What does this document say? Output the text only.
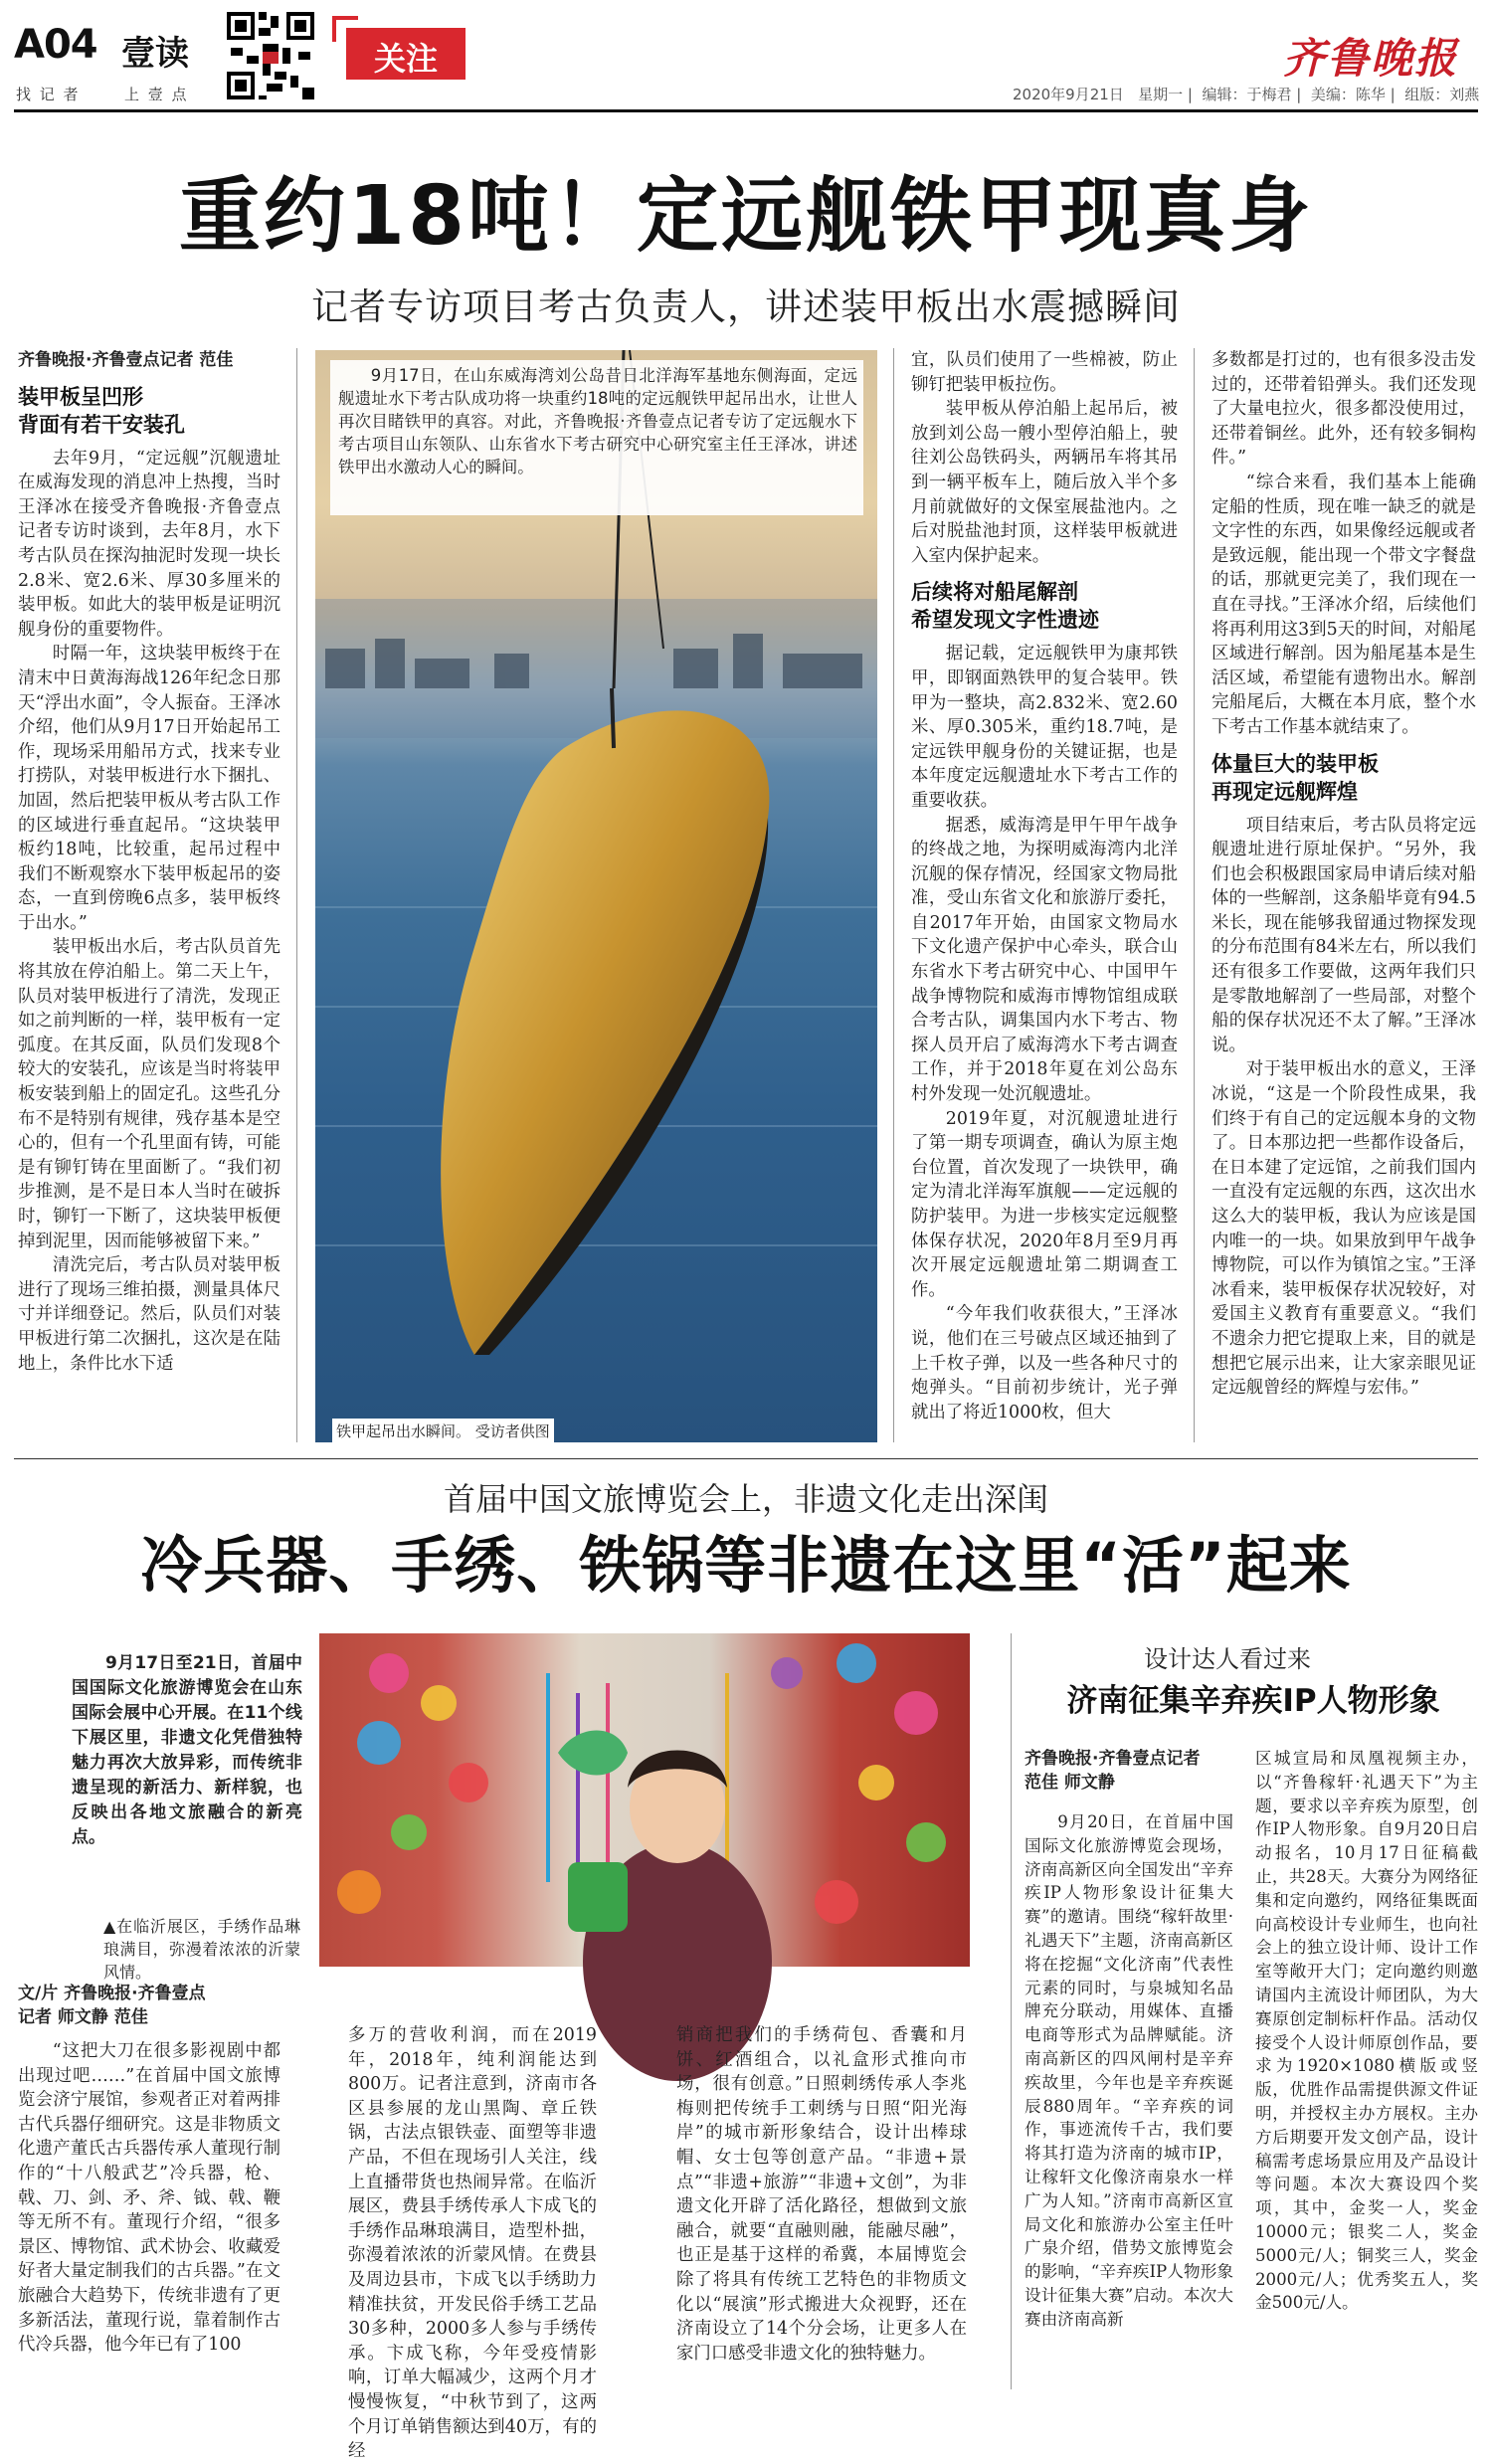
A04 壹读
找 记 者	上 壹 点
关注	齐鲁晚报
2020年9月21日 星期一 |  编辑：于梅君 |  美编：陈华 |  组版：刘燕
重约18吨！定远舰铁甲现真身
记者专访项目考古负责人，讲述装甲板出水震撼瞬间

齐鲁晚报·齐鲁壹点记者 范佳

装甲板呈凹形
背面有若干安装孔

去年9月，“定远舰”沉舰遗址在威海发现的消息冲上热搜，当时王泽冰在接受齐鲁晚报·齐鲁壹点记者专访时谈到，去年8月，水下考古队员在探沟抽泥时发现一块长2.8米、宽2.6米、厚30多厘米的装甲板。如此大的装甲板是证明沉舰身份的重要物件。

时隔一年，这块装甲板终于在清末中日黄海海战126年纪念日那天“浮出水面”，令人振奋。王泽冰介绍，他们从9月17日开始起吊工作，现场采用船吊方式，找来专业打捞队，对装甲板进行水下捆扎、加固，然后把装甲板从考古队工作的区域进行垂直起吊。“这块装甲板约18吨，比较重，起吊过程中我们不断观察水下装甲板起吊的姿态，一直到傍晚6点多，装甲板终于出水。”

装甲板出水后，考古队员首先将其放在停泊船上。第二天上午，队员对装甲板进行了清洗，发现正如之前判断的一样，装甲板有一定弧度。在其反面，队员们发现8个较大的安装孔，应该是当时将装甲板安装到船上的固定孔。这些孔分布不是特别有规律，残存基本是空心的，但有一个孔里面有铸，可能是有铆钉铸在里面断了。“我们初步推测，是不是日本人当时在破拆时，铆钉一下断了，这块装甲板便掉到泥里，因而能够被留下来。”

清洗完后，考古队员对装甲板进行了现场三维拍摄，测量具体尺寸并详细登记。然后，队员们对装甲板进行第二次捆扎，这次是在陆地上，条件比水下适

9月17日，在山东威海湾刘公岛昔日北洋海军基地东侧海面，定远舰遗址水下考古队成功将一块重约18吨的定远舰铁甲起吊出水，让世人再次目睹铁甲的真容。对此，齐鲁晚报·齐鲁壹点记者专访了定远舰水下考古项目山东领队、山东省水下考古研究中心研究室主任王泽冰，讲述铁甲出水激动人心的瞬间。
铁甲起吊出水瞬间。 受访者供图

宜，队员们使用了一些棉被，防止铆钉把装甲板拉伤。

装甲板从停泊船上起吊后，被放到刘公岛一艘小型停泊船上，驶往刘公岛铁码头，两辆吊车将其吊到一辆平板车上，随后放入半个多月前就做好的文保室展盐池内。之后对脱盐池封顶，这样装甲板就进入室内保护起来。

后续将对船尾解剖
希望发现文字性遗迹

据记载，定远舰铁甲为康邦铁甲，即钢面熟铁甲的复合装甲。铁甲为一整块，高2.832米、宽2.60米、厚0.305米，重约18.7吨，是定远铁甲舰身份的关键证据，也是本年度定远舰遗址水下考古工作的重要收获。

据悉，威海湾是甲午甲午战争的终战之地，为探明威海湾内北洋沉舰的保存情况，经国家文物局批准，受山东省文化和旅游厅委托，自2017年开始，由国家文物局水下文化遗产保护中心牵头，联合山东省水下考古研究中心、中国甲午战争博物院和威海市博物馆组成联合考古队，调集国内水下考古、物探人员开启了威海湾水下考古调查工作，并于2018年夏在刘公岛东村外发现一处沉舰遗址。

2019年夏，对沉舰遗址进行了第一期专项调查，确认为原主炮台位置，首次发现了一块铁甲，确定为清北洋海军旗舰——定远舰的防护装甲。为进一步核实定远舰整体保存状况，2020年8月至9月再次开展定远舰遗址第二期调查工作。

“今年我们收获很大，”王泽冰说，他们在三号破点区域还抽到了上千枚子弹，以及一些各种尺寸的炮弹头。“目前初步统计，光子弹就出了将近1000枚，但大

多数都是打过的，也有很多没击发过的，还带着铅弹头。我们还发现了大量电拉火，很多都没使用过，还带着铜丝。此外，还有较多铜构件。”

“综合来看，我们基本上能确定船的性质，现在唯一缺乏的就是文字性的东西，如果像经远舰或者是致远舰，能出现一个带文字餐盘的话，那就更完美了，我们现在一直在寻找。”王泽冰介绍，后续他们将再利用这3到5天的时间，对船尾区域进行解剖。因为船尾基本是生活区域，希望能有遗物出水。解剖完船尾后，大概在本月底，整个水下考古工作基本就结束了。

体量巨大的装甲板
再现定远舰辉煌

项目结束后，考古队员将定远舰遗址进行原址保护。“另外，我们也会积极跟国家局申请后续对船体的一些解剖，这条船毕竟有94.5米长，现在能够我留通过物探发现的分布范围有84米左右，所以我们还有很多工作要做，这两年我们只是零散地解剖了一些局部，对整个船的保存状况还不太了解。”王泽冰说。

对于装甲板出水的意义，王泽冰说，“这是一个阶段性成果，我们终于有自己的定远舰本身的文物了。日本那边把一些都作设备后，在日本建了定远馆，之前我们国内一直没有定远舰的东西，这次出水这么大的装甲板，我认为应该是国内唯一的一块。如果放到甲午战争博物院，可以作为镇馆之宝。”王泽冰看来，装甲板保存状况较好，对爱国主义教育有重要意义。“我们不遗余力把它提取上来，目的就是想把它展示出来，让大家亲眼见证定远舰曾经的辉煌与宏伟。”

首届中国文旅博览会上，非遗文化走出深闺
冷兵器、手绣、铁锅等非遗在这里“活”起来
9月17日至21日，首届中国国际文化旅游博览会在山东国际会展中心开展。在11个线下展区里，非遗文化凭借独特魅力再次大放异彩，而传统非遗呈现的新活力、新样貌，也反映出各地文旅融合的新亮点。
▲在临沂展区，手绣作品琳琅满目，弥漫着浓浓的沂蒙风情。
文/片 齐鲁晚报·齐鲁壹点
记者 师文静 范佳

“这把大刀在很多影视剧中都出现过吧……”在首届中国文旅博览会济宁展馆，参观者正对着两排古代兵器仔细研究。这是非物质文化遗产董氏古兵器传承人董现行制作的“十八般武艺”冷兵器，枪、戟、刀、剑、矛、斧、钺、戟、鞭等无所不有。董现行介绍，“很多景区、博物馆、武术协会、收藏爱好者大量定制我们的古兵器。”在文旅融合大趋势下，传统非遗有了更多新活法，董现行说，靠着制作古代冷兵器，他今年已有了100

多万的营收利润，而在2019年，2018年，纯利润能达到800万。记者注意到，济南市各区县参展的龙山黑陶、章丘铁锅，古法点银铁壶、面塑等非遗产品，不但在现场引人关注，线上直播带货也热闹异常。在临沂展区，费县手绣传承人卞成飞的手绣作品琳琅满目，造型朴拙，弥漫着浓浓的沂蒙风情。在费县及周边县市，卞成飞以手绣助力精准扶贫，开发民俗手绣工艺品30多种，2000多人参与手绣传承。卞成飞称，今年受疫情影响，订单大幅减少，这两个月才慢慢恢复，“中秋节到了，这两个月订单销售额达到40万，有的经

销商把我们的手绣荷包、香囊和月饼、红酒组合，以礼盒形式推向市场，很有创意。”日照刺绣传承人李兆梅则把传统手工刺绣与日照“阳光海岸”的城市新形象结合，设计出棒球帽、女士包等创意产品。“非遗+景点”“非遗+旅游”“非遗+文创”，为非遗文化开辟了活化路径，想做到文旅融合，就要“直融则融，能融尽融”，也正是基于这样的希冀，本届博览会除了将具有传统工艺特色的非物质文化以“展演”形式搬进大众视野，还在济南设立了14个分会场，让更多人在家门口感受非遗文化的独特魅力。

设计达人看过来
济南征集辛弃疾IP人物形象
齐鲁晚报·齐鲁壹点记者
范佳 师文静

9月20日，在首届中国国际文化旅游博览会现场，济南高新区向全国发出“辛弃疾IP人物形象设计征集大赛”的邀请。围绕“稼轩故里·礼遇天下”主题，济南高新区将在挖掘“文化济南”代表性元素的同时，与泉城知名品牌充分联动，用媒体、直播电商等形式为品牌赋能。济南高新区的四风闸村是辛弃疾故里，今年也是辛弃疾诞辰880周年。“辛弃疾的词作，事迹流传千古，我们要将其打造为济南的城市IP，让稼轩文化像济南泉水一样广为人知。”济南市高新区宣局文化和旅游办公室主任叶广泉介绍，借势文旅博览会的影响，“辛弃疾IP人物形象设计征集大赛”启动。本次大赛由济南高新

区城宣局和凤凰视频主办，以“齐鲁稼轩·礼遇天下”为主题，要求以辛弃疾为原型，创作IP人物形象。自9月20日启动报名，10月17日征稿截止，共28天。大赛分为网络征集和定向邀约，网络征集既面向高校设计专业师生，也向社会上的独立设计师、设计工作室等敞开大门；定向邀约则邀请国内主流设计师团队，为大赛原创定制标杆作品。活动仅接受个人设计师原创作品，要求为1920×1080横版或竖版，优胜作品需提供源文件证明，并授权主办方展权。主办方后期要开发文创产品，设计稿需考虑场景应用及产品设计等问题。本次大赛设四个奖项，其中，金奖一人，奖金10000元；银奖二人，奖金5000元/人；铜奖三人，奖金2000元/人；优秀奖五人，奖金500元/人。
